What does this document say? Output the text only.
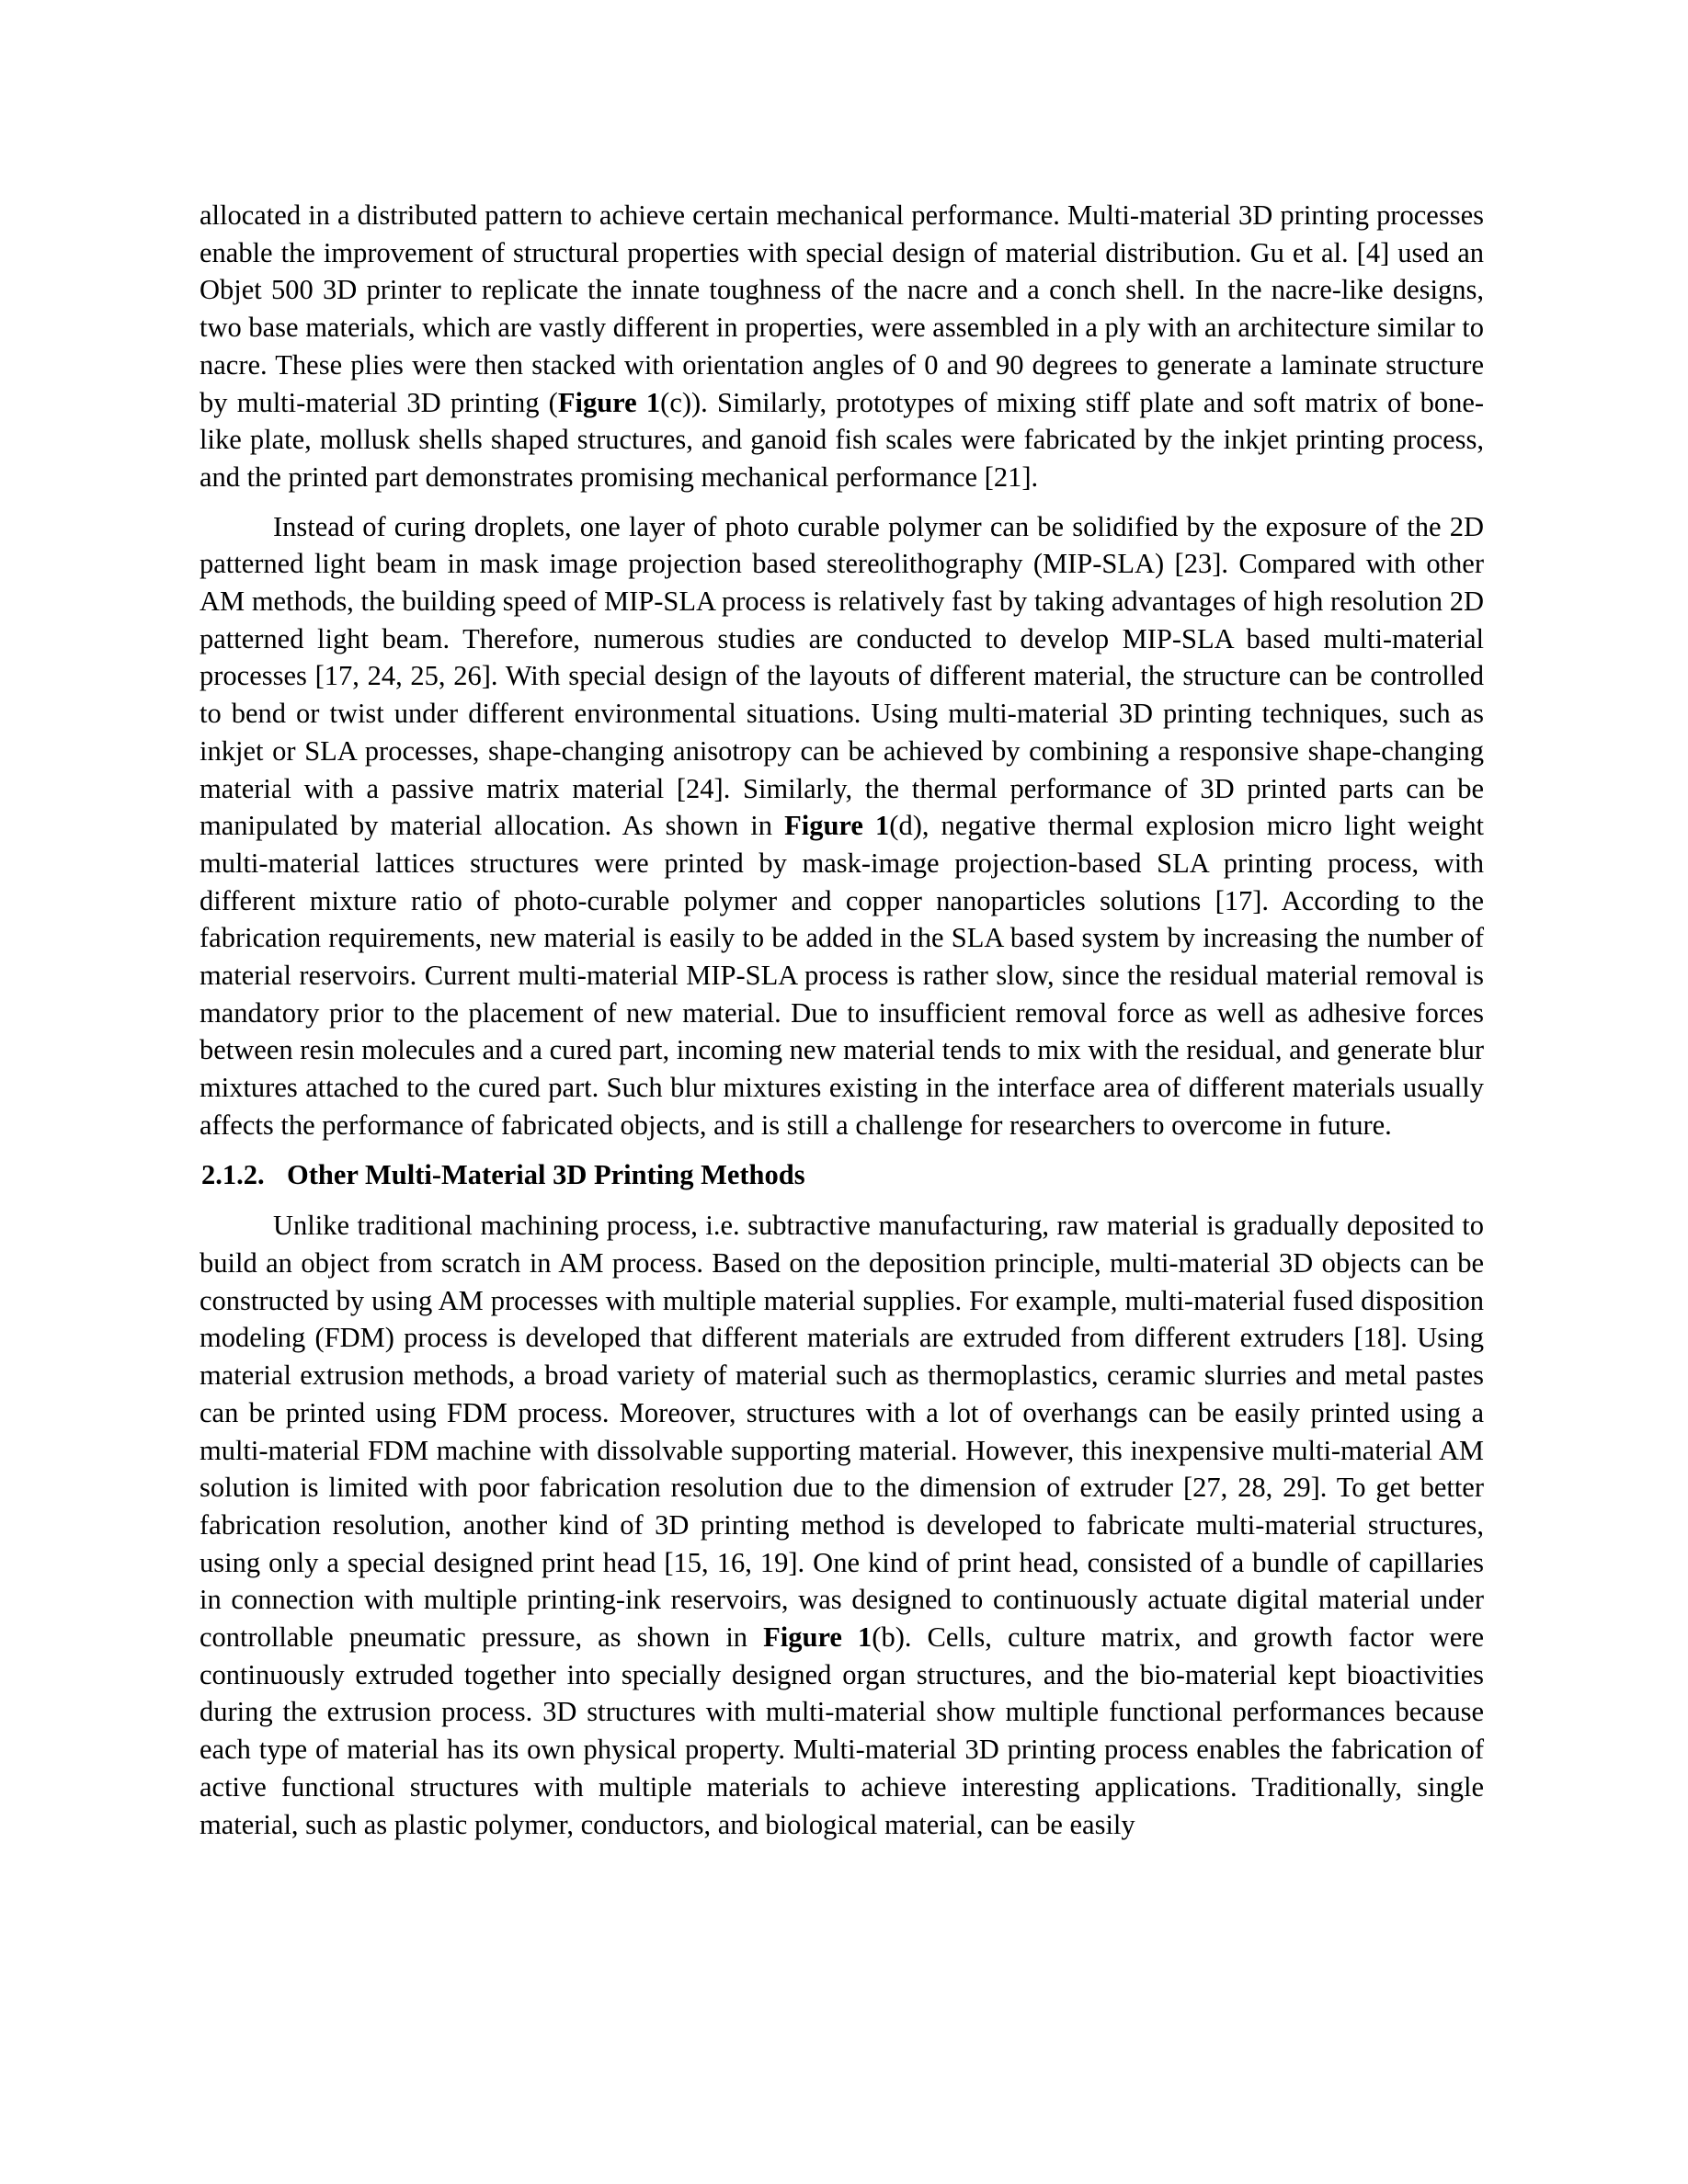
allocated in a distributed pattern to achieve certain mechanical performance. Multi-material 3D printing processes enable the improvement of structural properties with special design of material distribution. Gu et al. [4] used an Objet 500 3D printer to replicate the innate toughness of the nacre and a conch shell. In the nacre-like designs, two base materials, which are vastly different in properties, were assembled in a ply with an architecture similar to nacre. These plies were then stacked with orientation angles of 0 and 90 degrees to generate a laminate structure by multi-material 3D printing (Figure 1(c)). Similarly, prototypes of mixing stiff plate and soft matrix of bone-like plate, mollusk shells shaped structures, and ganoid fish scales were fabricated by the inkjet printing process, and the printed part demonstrates promising mechanical performance [21].

Instead of curing droplets, one layer of photo curable polymer can be solidified by the exposure of the 2D patterned light beam in mask image projection based stereolithography (MIP-SLA) [23]. Compared with other AM methods, the building speed of MIP-SLA process is relatively fast by taking advantages of high resolution 2D patterned light beam. Therefore, numerous studies are conducted to develop MIP-SLA based multi-material processes [17, 24, 25, 26]. With special design of the layouts of different material, the structure can be controlled to bend or twist under different environmental situations. Using multi-material 3D printing techniques, such as inkjet or SLA processes, shape-changing anisotropy can be achieved by combining a responsive shape-changing material with a passive matrix material [24]. Similarly, the thermal performance of 3D printed parts can be manipulated by material allocation. As shown in Figure 1(d), negative thermal explosion micro light weight multi-material lattices structures were printed by mask-image projection-based SLA printing process, with different mixture ratio of photo-curable polymer and copper nanoparticles solutions [17]. According to the fabrication requirements, new material is easily to be added in the SLA based system by increasing the number of material reservoirs. Current multi-material MIP-SLA process is rather slow, since the residual material removal is mandatory prior to the placement of new material. Due to insufficient removal force as well as adhesive forces between resin molecules and a cured part, incoming new material tends to mix with the residual, and generate blur mixtures attached to the cured part. Such blur mixtures existing in the interface area of different materials usually affects the performance of fabricated objects, and is still a challenge for researchers to overcome in future.

2.1.2. Other Multi-Material 3D Printing Methods

Unlike traditional machining process, i.e. subtractive manufacturing, raw material is gradually deposited to build an object from scratch in AM process. Based on the deposition principle, multi-material 3D objects can be constructed by using AM processes with multiple material supplies. For example, multi-material fused disposition modeling (FDM) process is developed that different materials are extruded from different extruders [18]. Using material extrusion methods, a broad variety of material such as thermoplastics, ceramic slurries and metal pastes can be printed using FDM process. Moreover, structures with a lot of overhangs can be easily printed using a multi-material FDM machine with dissolvable supporting material. However, this inexpensive multi-material AM solution is limited with poor fabrication resolution due to the dimension of extruder [27, 28, 29]. To get better fabrication resolution, another kind of 3D printing method is developed to fabricate multi-material structures, using only a special designed print head [15, 16, 19]. One kind of print head, consisted of a bundle of capillaries in connection with multiple printing-ink reservoirs, was designed to continuously actuate digital material under controllable pneumatic pressure, as shown in Figure 1(b). Cells, culture matrix, and growth factor were continuously extruded together into specially designed organ structures, and the bio-material kept bioactivities during the extrusion process. 3D structures with multi-material show multiple functional performances because each type of material has its own physical property. Multi-material 3D printing process enables the fabrication of active functional structures with multiple materials to achieve interesting applications. Traditionally, single material, such as plastic polymer, conductors, and biological material, can be easily
